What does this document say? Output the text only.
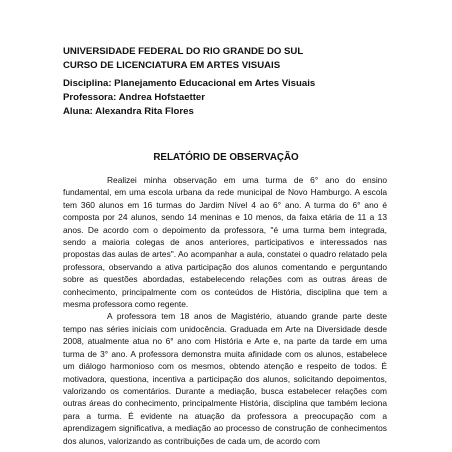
UNIVERSIDADE FEDERAL DO RIO GRANDE DO SUL
CURSO DE LICENCIATURA EM ARTES VISUAIS
Disciplina: Planejamento Educacional em Artes Visuais
Professora: Andrea Hofstaetter
Aluna: Alexandra Rita Flores
RELATÓRIO DE OBSERVAÇÃO

Realizei minha observação em uma turma de 6° ano do ensino fundamental, em uma escola urbana da rede municipal de Novo Hamburgo. A escola tem 360 alunos em 16 turmas do Jardim Nível 4 ao 6° ano. A turma do 6° ano é composta por 24 alunos, sendo 14 meninas e 10 menos, da faixa etária de 11 a 13 anos. De acordo com o depoimento da professora, "é uma turma bem integrada, sendo a maioria colegas de anos anteriores, participativos e interessados nas propostas das aulas de artes". Ao acompanhar a aula, constatei o quadro relatado pela professora, observando a ativa participação dos alunos comentando e perguntando sobre as questões abordadas, estabelecendo relações com as outras áreas de conhecimento, principalmente com os conteúdos de História, disciplina que tem a mesma professora como regente.

A professora tem 18 anos de Magistério, atuando grande parte deste tempo nas séries iniciais com unidocência. Graduada em Arte na Diversidade desde 2008, atualmente atua no 6° ano com História e Arte e, na parte da tarde em uma turma de 3° ano. A professora demonstra muita afinidade com os alunos, estabelece um diálogo harmonioso com os mesmos, obtendo atenção e respeito de todos. É motivadora, questiona, incentiva a participação dos alunos, solicitando depoimentos, valorizando os comentários. Durante a mediação, busca estabelecer relações com outras áreas do conhecimento, principalmente História, disciplina que também leciona para a turma. É evidente na atuação da professora a preocupação com a aprendizagem significativa, a mediação ao processo de construção de conhecimentos dos alunos, valorizando as contribuições de cada um, de acordo com
